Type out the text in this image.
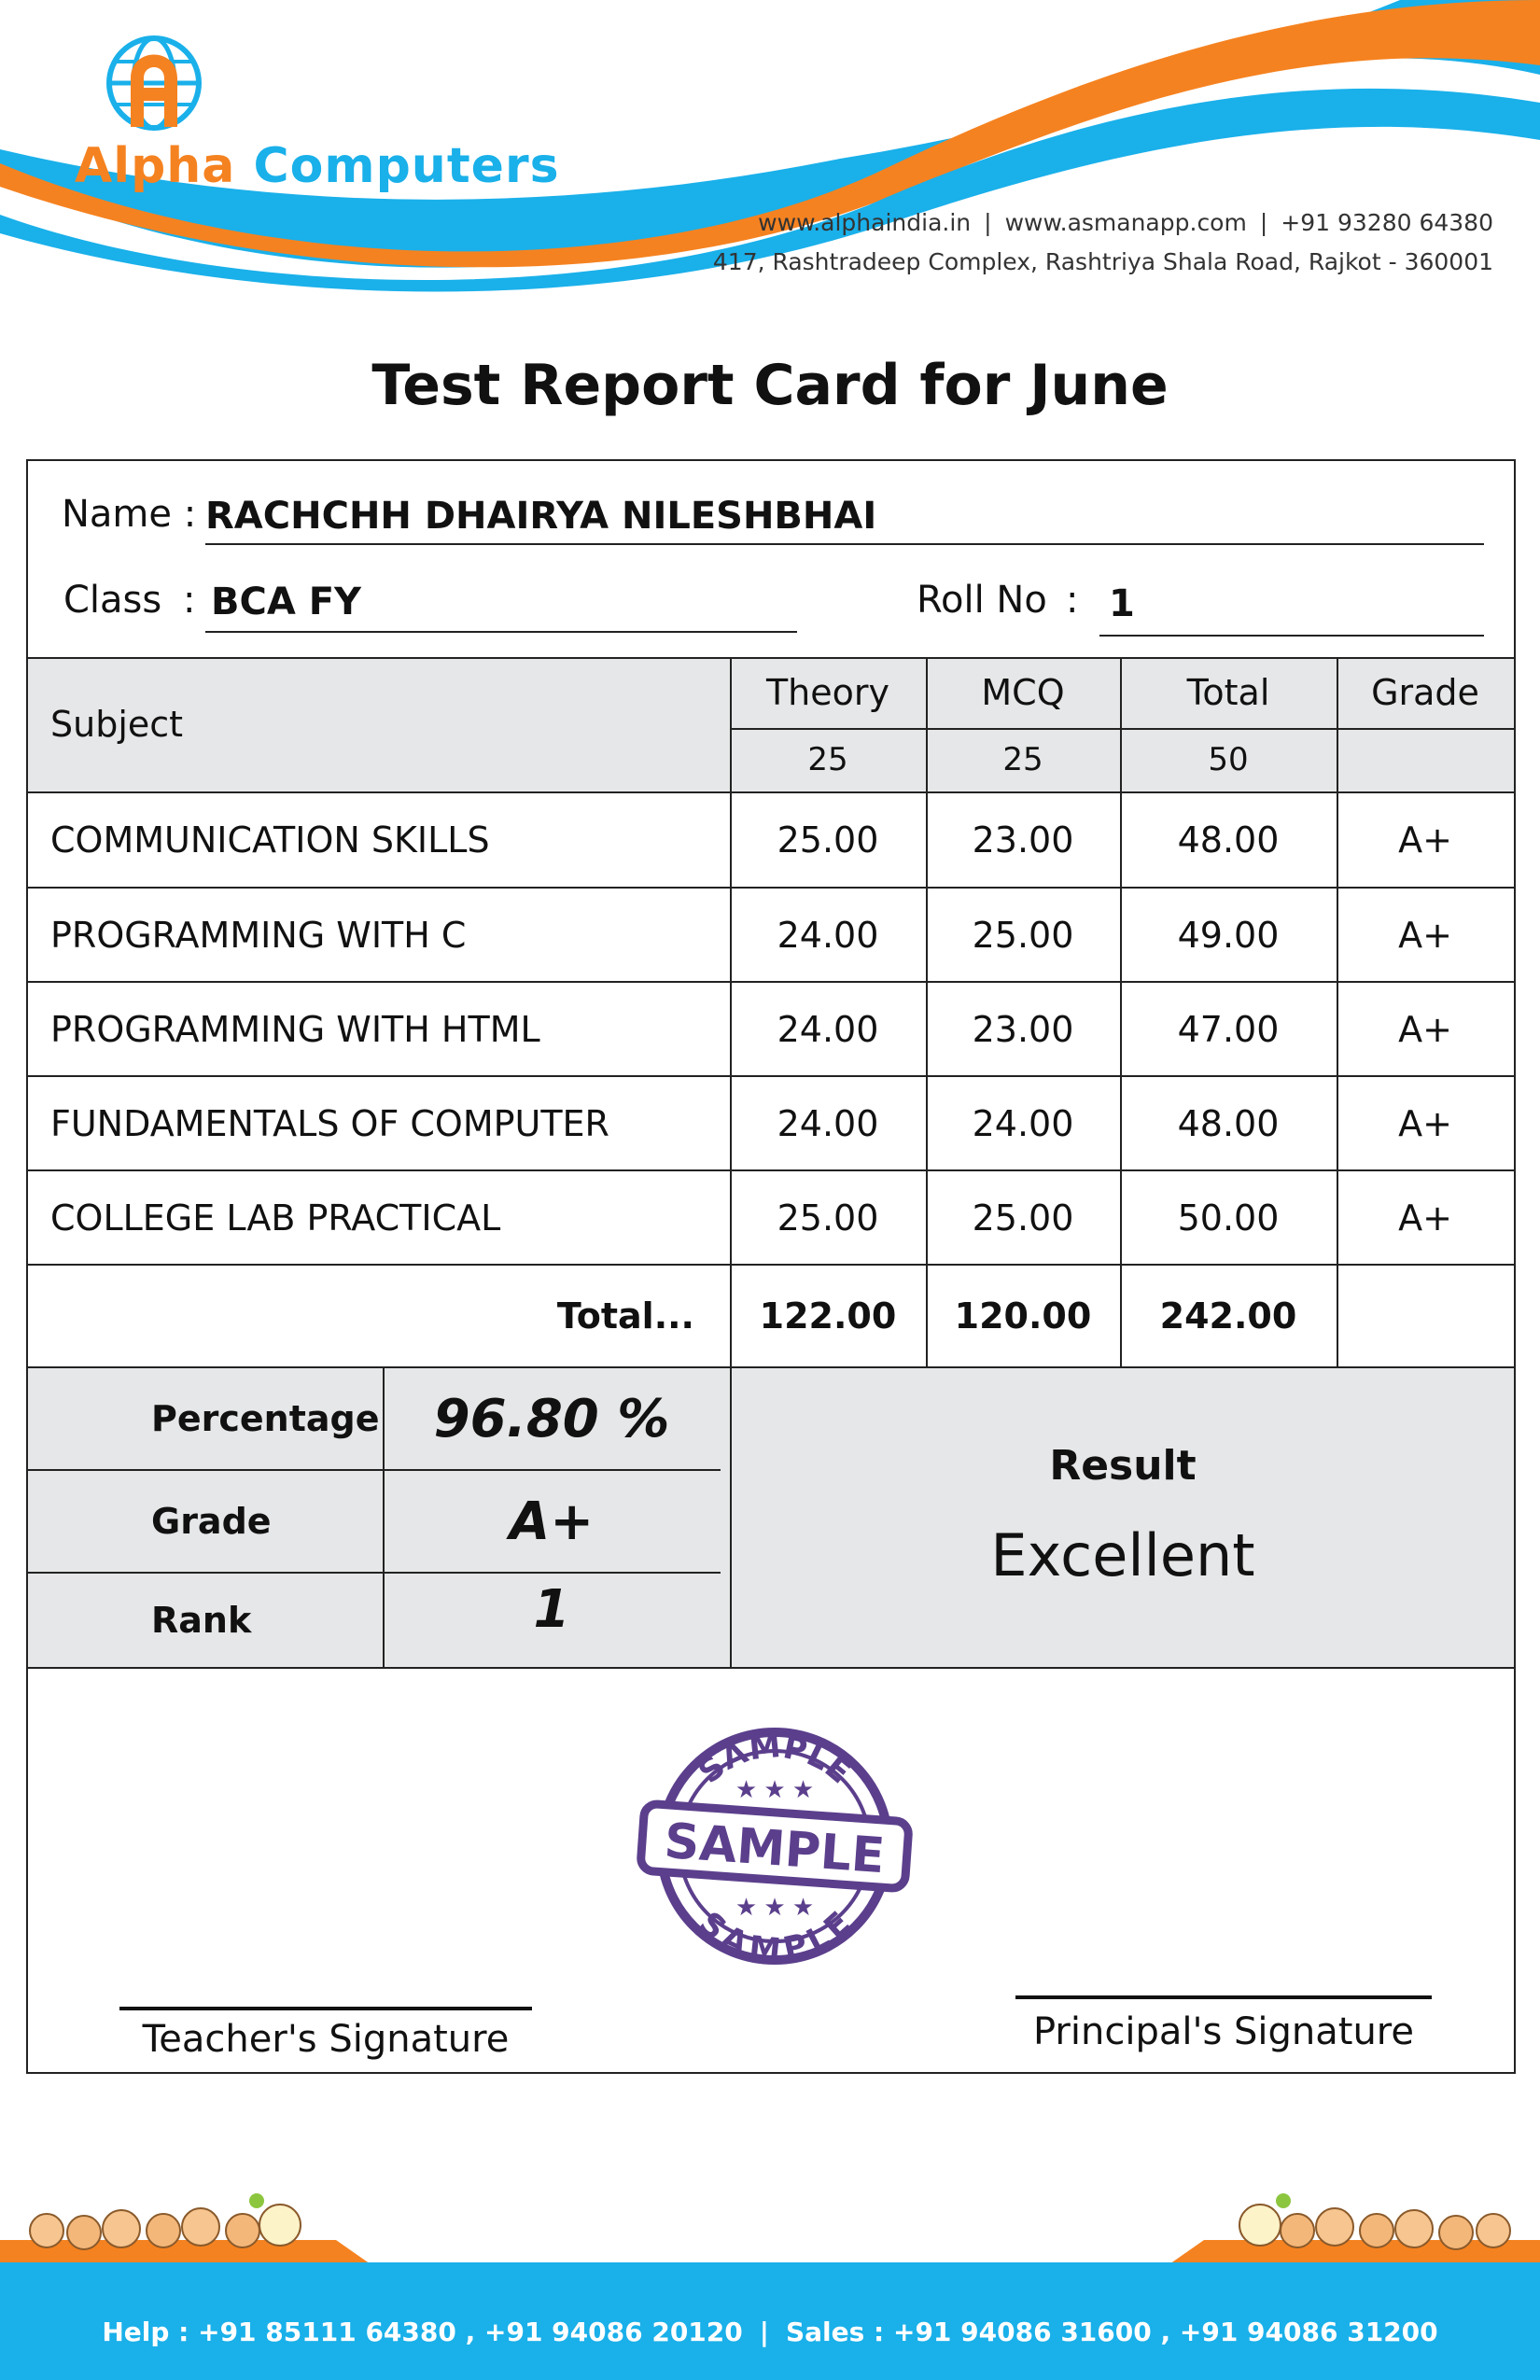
Alpha Computers
www.alphaindia.in | www.asmanapp.com | +91 93280 64380
417, Rashtradeep Complex, Rashtriya Shala Road, Rajkot - 360001
Test Report Card for June
Name : RACHCHH DHAIRYA NILESHBHAI
Class : BCA FY	Roll No : 1
Subject
Theory	MCQ	Total	Grade
25	25	50
COMMUNICATION SKILLS	25.00	23.00	48.00	A+
PROGRAMMING WITH C	24.00	25.00	49.00	A+
PROGRAMMING WITH HTML	24.00	23.00	47.00	A+
FUNDAMENTALS OF COMPUTER	24.00	24.00	48.00	A+
COLLEGE LAB PRACTICAL	25.00	25.00	50.00	A+
Total...	122.00	120.00	242.00
Percentage	96.80 %
Grade	A+
Rank	1
Result
Excellent
SAMPLE
SAMPLE
★ ★ ★
★ ★ ★
SAMPLE
Teacher's Signature	Principal's Signature
Help : +91 85111 64380 , +91 94086 20120 | Sales : +91 94086 31600 , +91 94086 31200
